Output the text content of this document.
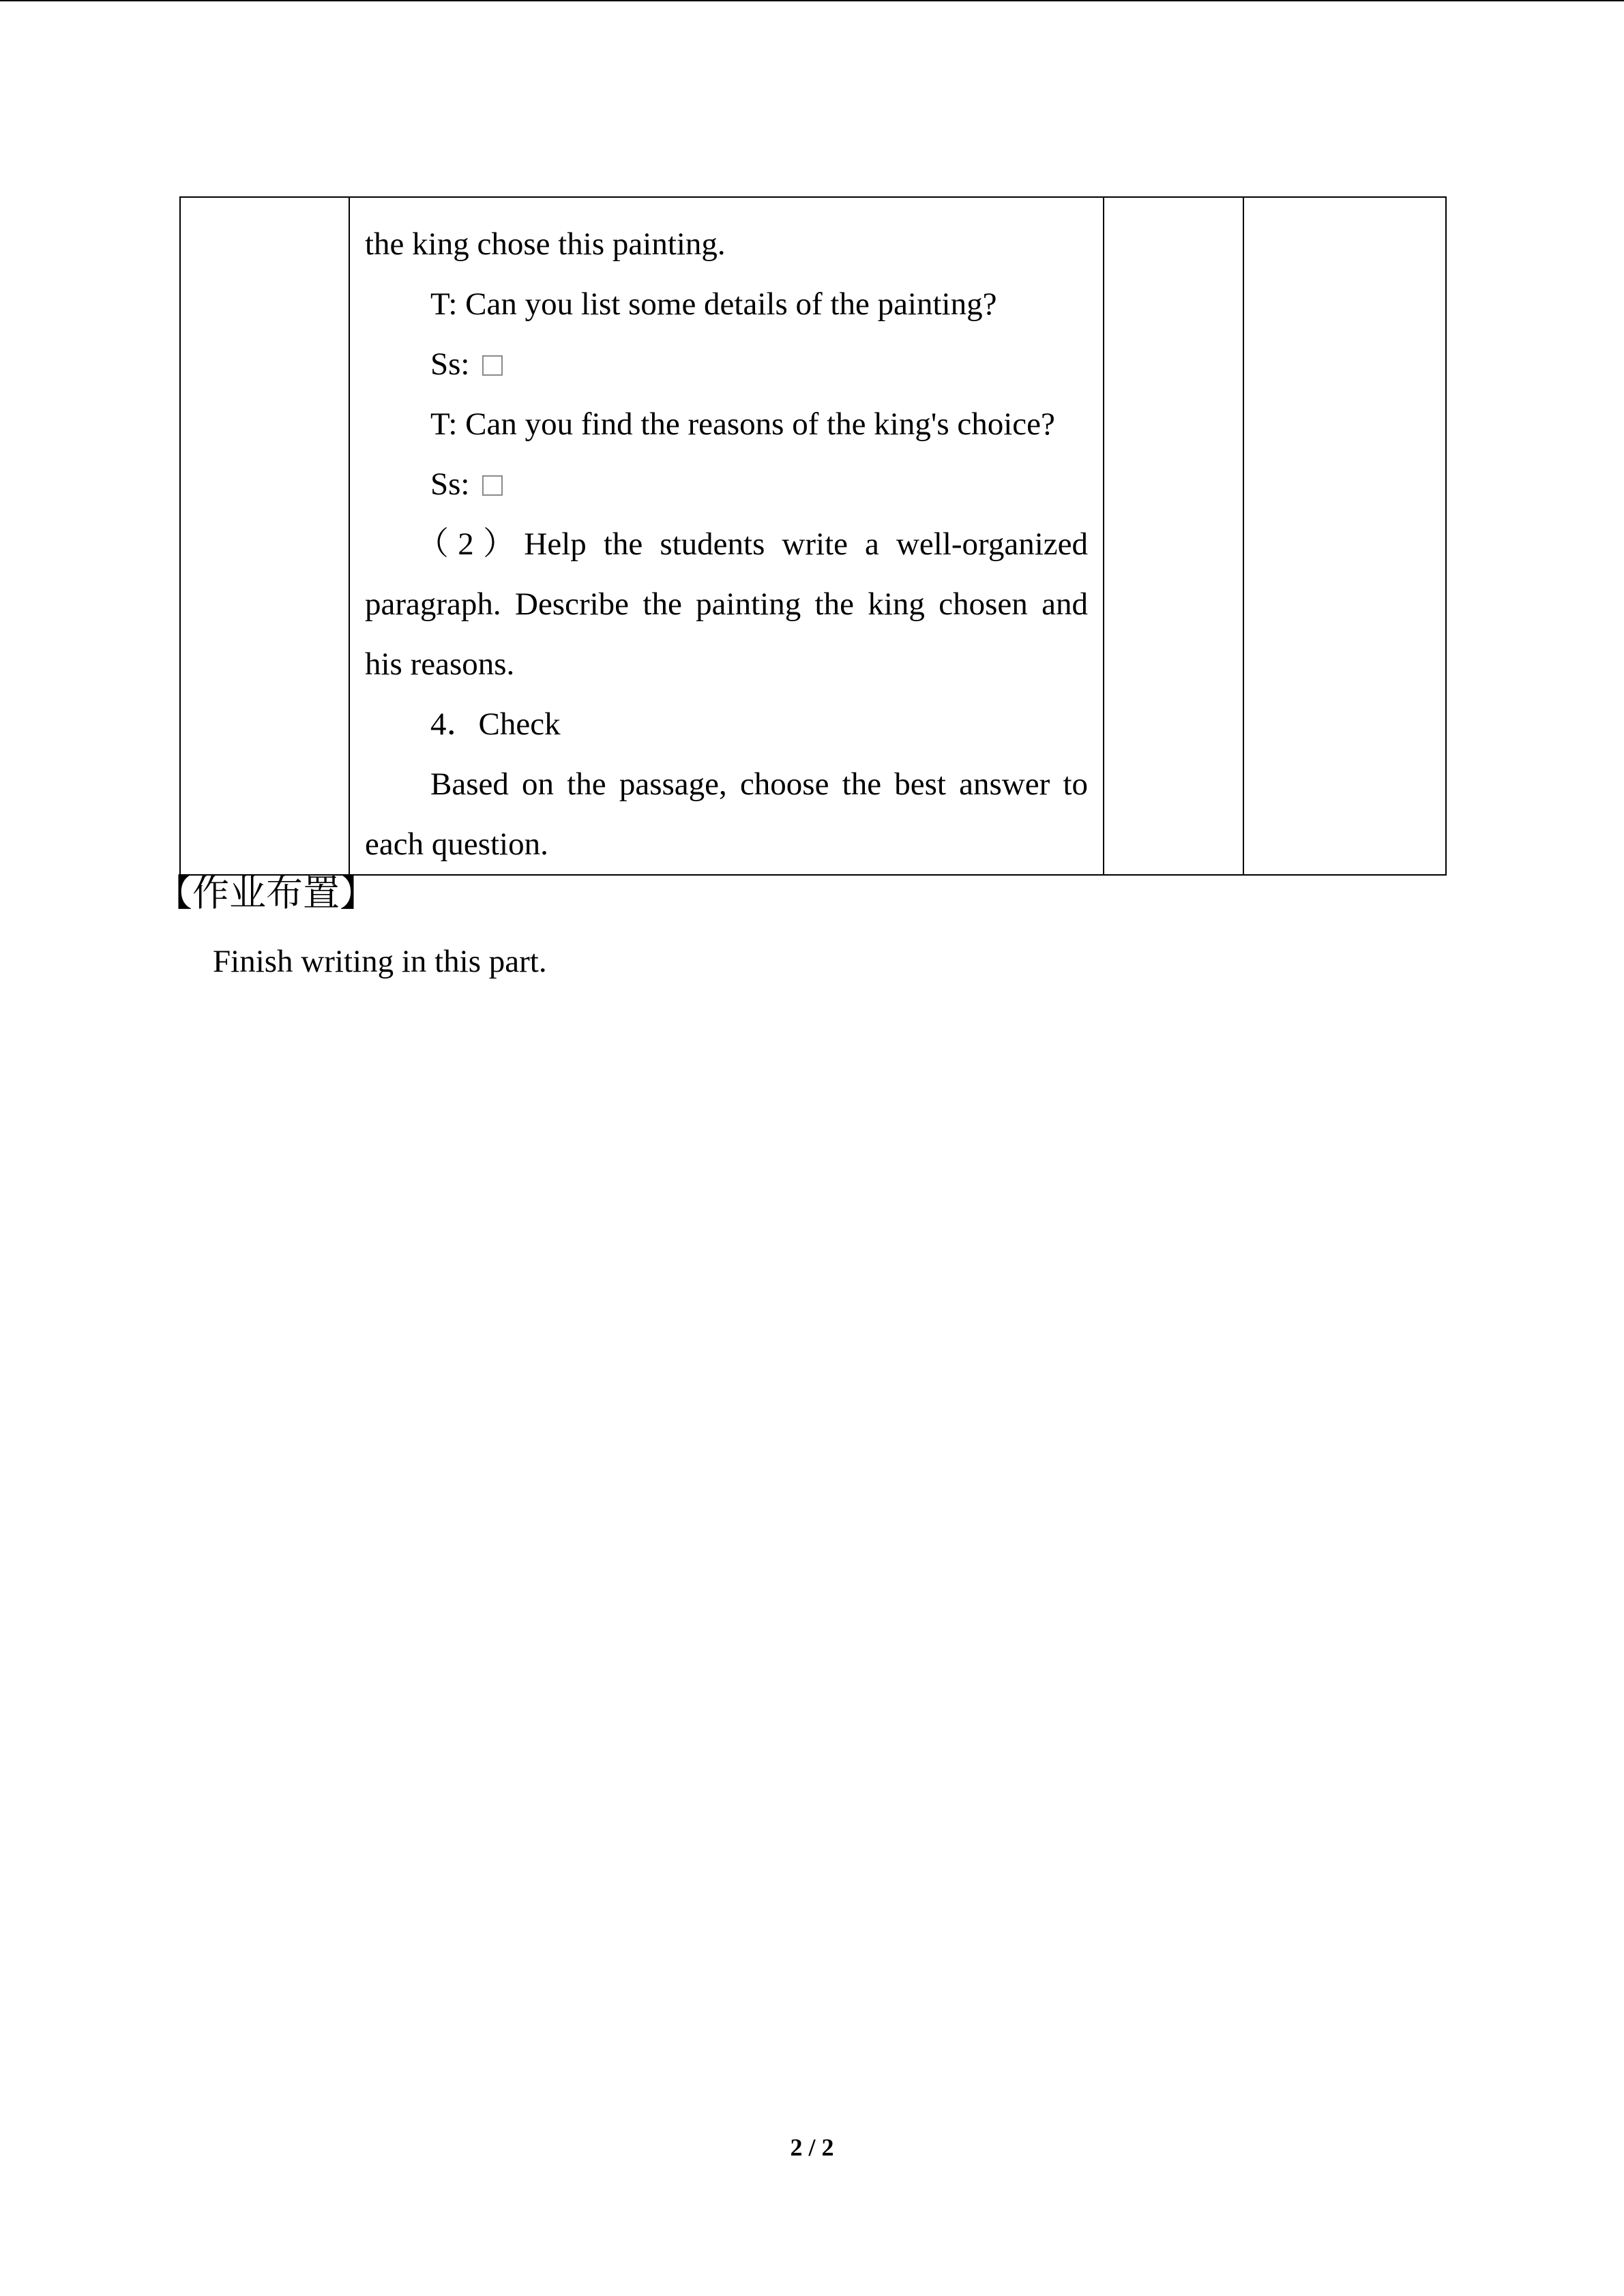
the king chose this painting.

T: Can you list some details of the painting?

Ss:

T: Can you find the reasons of the king's choice?

Ss:

（2）Help the students write a well-organized paragraph. Describe the painting the king chosen and his reasons.

4．Check

Based on the passage, choose the best answer to each question.

【作业布置】

Finish writing in this part.

2 / 2
